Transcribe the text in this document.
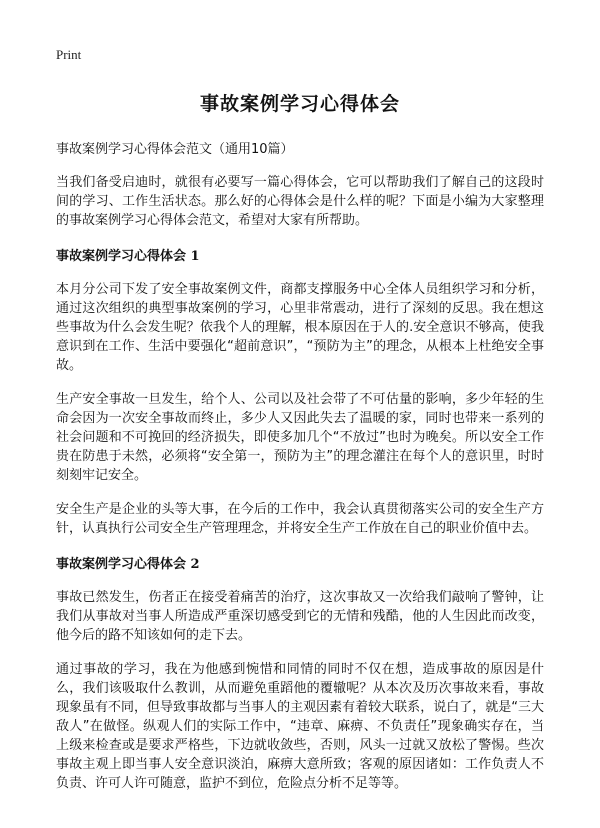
Print
事故案例学习心得体会
事故案例学习心得体会范文（通用10篇）

当我们备受启迪时，就很有必要写一篇心得体会，它可以帮助我们了解自己的这段时间的学习、工作生活状态。那么好的心得体会是什么样的呢？下面是小编为大家整理的事故案例学习心得体会范文，希望对大家有所帮助。

事故案例学习心得体会 1

本月分公司下发了安全事故案例文件，商都支撑服务中心全体人员组织学习和分析，通过这次组织的典型事故案例的学习，心里非常震动，进行了深刻的反思。我在想这些事故为什么会发生呢？依我个人的理解，根本原因在于人的.安全意识不够高，使我意识到在工作、生活中要强化“超前意识”，“预防为主”的理念，从根本上杜绝安全事故。

生产安全事故一旦发生，给个人、公司以及社会带了不可估量的影响，多少年轻的生命会因为一次安全事故而终止，多少人又因此失去了温暖的家，同时也带来一系列的社会问题和不可挽回的经济损失，即使多加几个“不放过”也时为晚矣。所以安全工作贵在防患于未然，必须将“安全第一，预防为主”的理念灌注在每个人的意识里，时时刻刻牢记安全。

安全生产是企业的头等大事，在今后的工作中，我会认真贯彻落实公司的安全生产方针，认真执行公司安全生产管理理念，并将安全生产工作放在自己的职业价值中去。

事故案例学习心得体会 2

事故已然发生，伤者正在接受着痛苦的治疗，这次事故又一次给我们敲响了警钟，让我们从事故对当事人所造成严重深切感受到它的无情和残酷，他的人生因此而改变，他今后的路不知该如何的走下去。

通过事故的学习，我在为他感到惋惜和同情的同时不仅在想，造成事故的原因是什么，我们该吸取什么教训，从而避免重蹈他的覆辙呢？从本次及历次事故来看，事故现象虽有不同，但导致事故都与当事人的主观因素有着较大联系，说白了，就是“三大敌人”在做怪。纵观人们的实际工作中，“违章、麻痹、不负责任”现象确实存在，当上级来检查或是要求严格些，下边就收敛些，否则，风头一过就又放松了警惕。些次事故主观上即当事人安全意识淡泊，麻痹大意所致；客观的原因诸如：工作负责人不负责、许可人许可随意，监护不到位，危险点分析不足等等。
